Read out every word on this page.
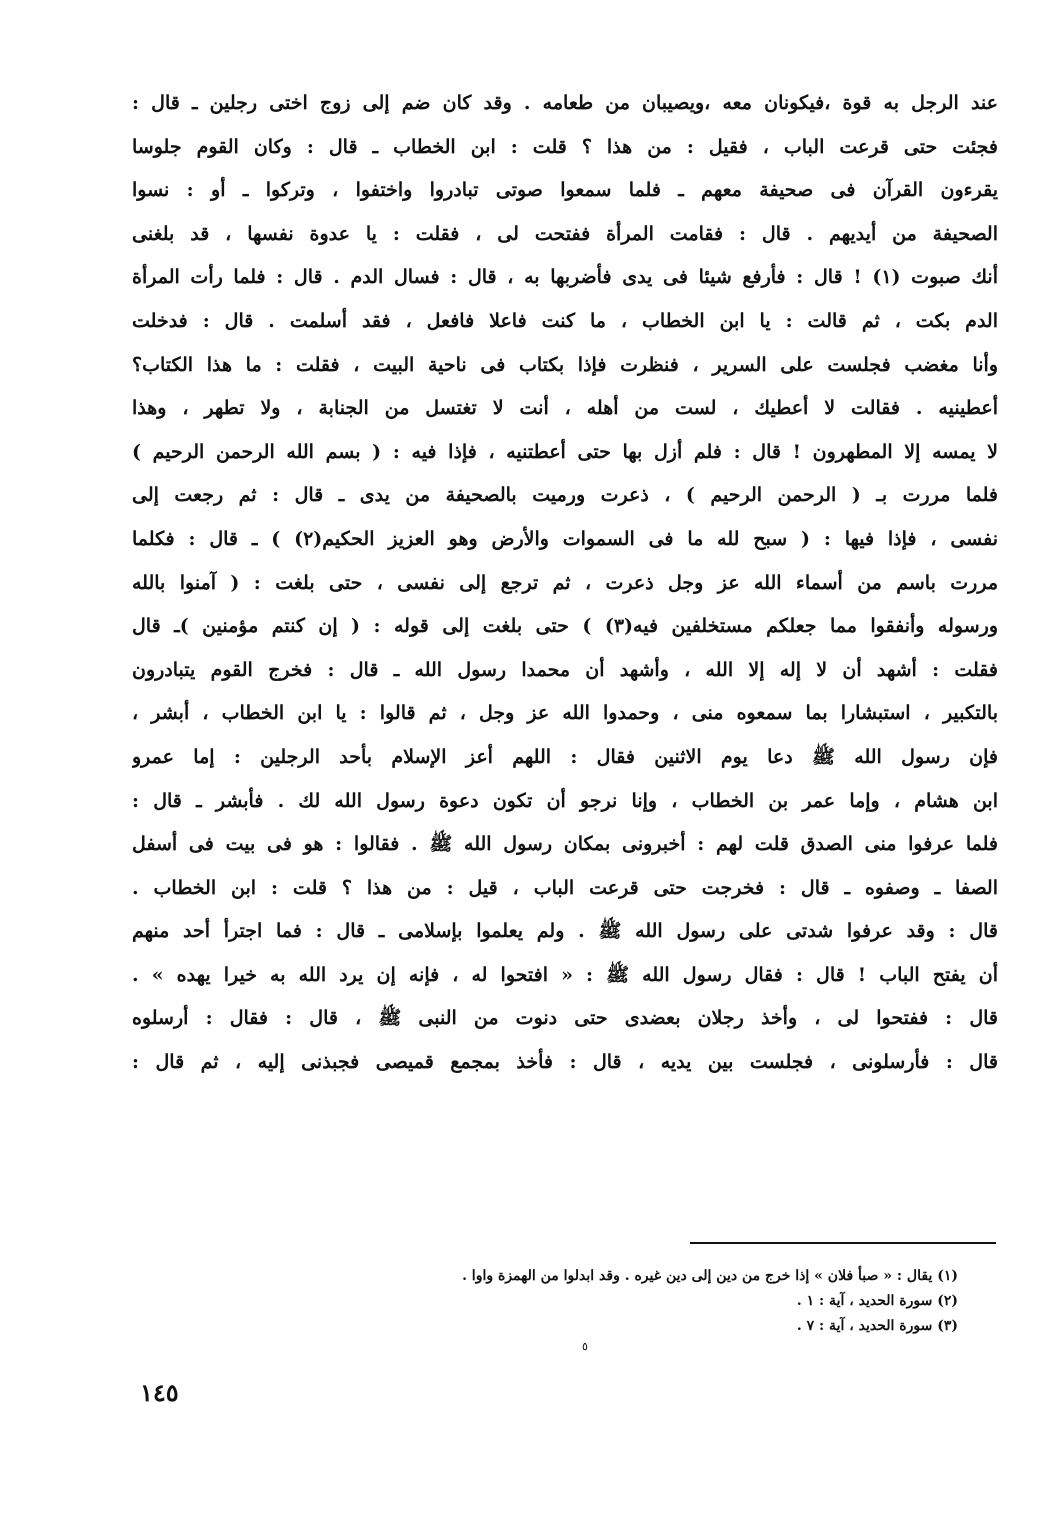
عند الرجل به قوة ،فيكونان معه ،ويصيبان من طعامه . وقد كان ضم إلى زوج اختى رجلين ـ قال :
فجئت حتى قرعت الباب ، فقيل : من هذا ؟ قلت : ابن الخطاب ـ قال : وكان القوم جلوسا
يقرءون القرآن فى صحيفة معهم ـ فلما سمعوا صوتى تبادروا واختفوا ، وتركوا ـ أو : نسوا
الصحيفة من أيديهم . قال : فقامت المرأة ففتحت لى ، فقلت : يا عدوة نفسها ، قد بلغنى
أنك صبوت (١) ! قال : فأرفع شيئا فى يدى فأضربها به ، قال : فسال الدم . قال : فلما رأت المرأة
الدم بكت ، ثم قالت : يا ابن الخطاب ، ما كنت فاعلا فافعل ، فقد أسلمت . قال : فدخلت
وأنا مغضب فجلست على السرير ، فنظرت فإذا بكتاب فى ناحية البيت ، فقلت : ما هذا الكتاب؟
أعطينيه . فقالت لا أعطيك ، لست من أهله ، أنت لا تغتسل من الجنابة ، ولا تطهر ، وهذا
لا يمسه إلا المطهرون ! قال : فلم أزل بها حتى أعطتنيه ، فإذا فيه : ( بسم الله الرحمن الرحيم )
فلما مررت بـ ( الرحمن الرحيم ) ، ذعرت ورميت بالصحيفة من يدى ـ قال : ثم رجعت إلى
نفسى ، فإذا فيها : ( سبح لله ما فى السموات والأرض وهو العزيز الحكيم(٢) ) ـ قال : فكلما
مررت باسم من أسماء الله عز وجل ذعرت ، ثم ترجع إلى نفسى ، حتى بلغت : ( آمنوا بالله
ورسوله وأنفقوا مما جعلكم مستخلفين فيه(٣) ) حتى بلغت إلى قوله : ( إن كنتم مؤمنين )ـ قال
فقلت : أشهد أن لا إله إلا الله ، وأشهد أن محمدا رسول الله ـ قال : فخرج القوم يتبادرون
بالتكبير ، استبشارا بما سمعوه منى ، وحمدوا الله عز وجل ، ثم قالوا : يا ابن الخطاب ، أبشر ،
فإن رسول الله ﷺ دعا يوم الاثنين فقال : اللهم أعز الإسلام بأحد الرجلين : إما عمرو
ابن هشام ، وإما عمر بن الخطاب ، وإنا نرجو أن تكون دعوة رسول الله لك . فأبشر ـ قال :
فلما عرفوا منى الصدق قلت لهم : أخبرونى بمكان رسول الله ﷺ . فقالوا : هو فى بيت فى أسفل
الصفا ـ وصفوه ـ قال : فخرجت حتى قرعت الباب ، قيل : من هذا ؟ قلت : ابن الخطاب .
قال : وقد عرفوا شدتى على رسول الله ﷺ . ولم يعلموا بإسلامى ـ قال : فما اجترأ أحد منهم
أن يفتح الباب ! قال : فقال رسول الله ﷺ : « افتحوا له ، فإنه إن يرد الله به خيرا يهده » .
قال : ففتحوا لى ، وأخذ رجلان بعضدى حتى دنوت من النبى ﷺ ، قال : فقال : أرسلوه
قال : فأرسلونى ، فجلست بين يديه ، قال : فأخذ بمجمع قميصى فجبذنى إليه ، ثم قال :
(١) يقال : « صبأ فلان » إذا خرج من دين إلى دين غيره . وقد ابدلوا من الهمزة واوا .
(٢) سورة الحديد ، آية : ١ .
(٣) سورة الحديد ، آية : ٧ .
٥
١٤٥
